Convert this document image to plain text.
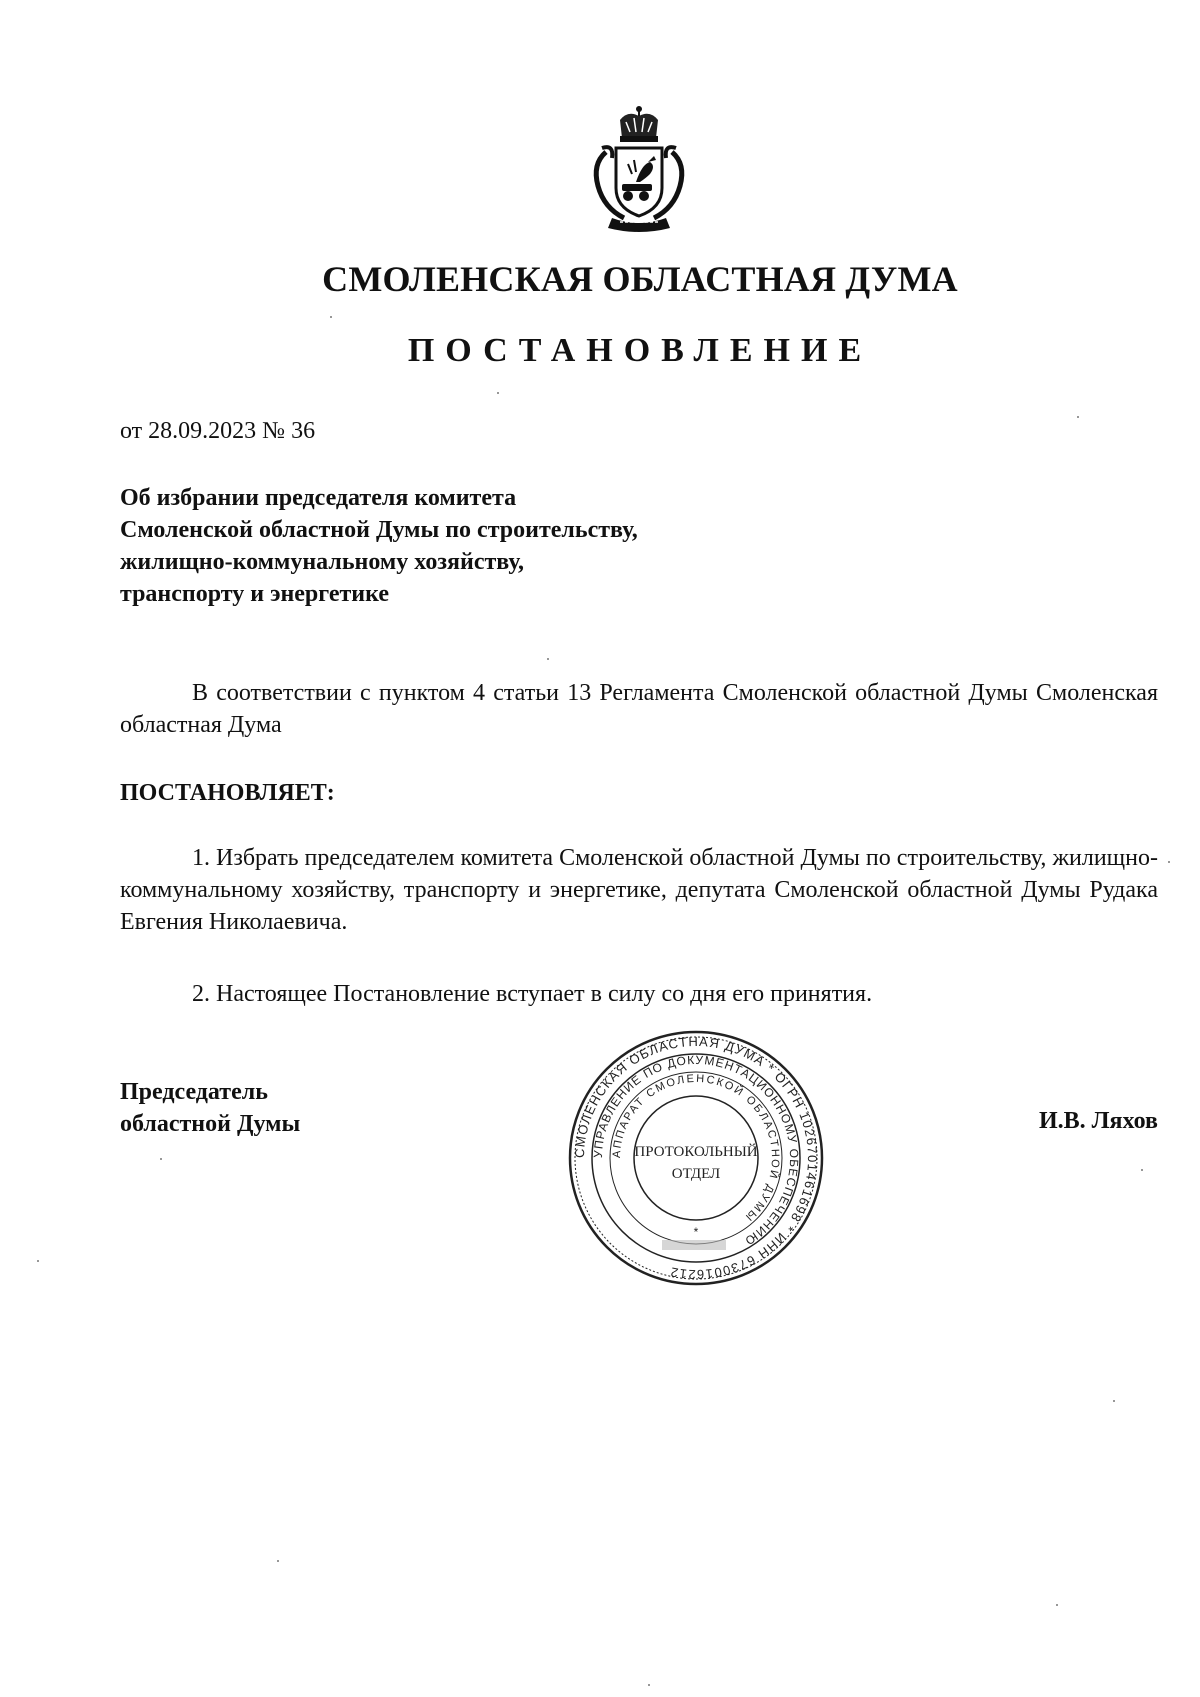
СМОЛЕНСКАЯ ОБЛАСТНАЯ ДУМА
ПОСТАНОВЛЕНИЕ
от 28.09.2023 № 36
Об избрании председателя комитета
Смоленской областной Думы по строительству,
жилищно-коммунальному хозяйству,
транспорту и энергетике
В соответствии с пунктом 4 статьи 13 Регламента Смоленской областной Думы Смоленская областная Дума
ПОСТАНОВЛЯЕТ:
1. Избрать председателем комитета Смоленской областной Думы по строительству, жилищно-коммунальному хозяйству, транспорту и энергетике, депутата Смоленской областной Думы Рудака Евгения Николаевича.
2. Настоящее Постановление вступает в силу со дня его принятия.
Председатель
областной Думы	И.В. Ляхов
СМОЛЕНСКАЯ ОБЛАСТНАЯ ДУМА * ОГРН 1026701461698 * ИНН 6730016212
УПРАВЛЕНИЕ ПО ДОКУМЕНТАЦИОННОМУ ОБЕСПЕЧЕНИЮ
АППАРАТ СМОЛЕНСКОЙ ОБЛАСТНОЙ ДУМЫ
ПРОТОКОЛЬНЫЙ
ОТДЕЛ
*
